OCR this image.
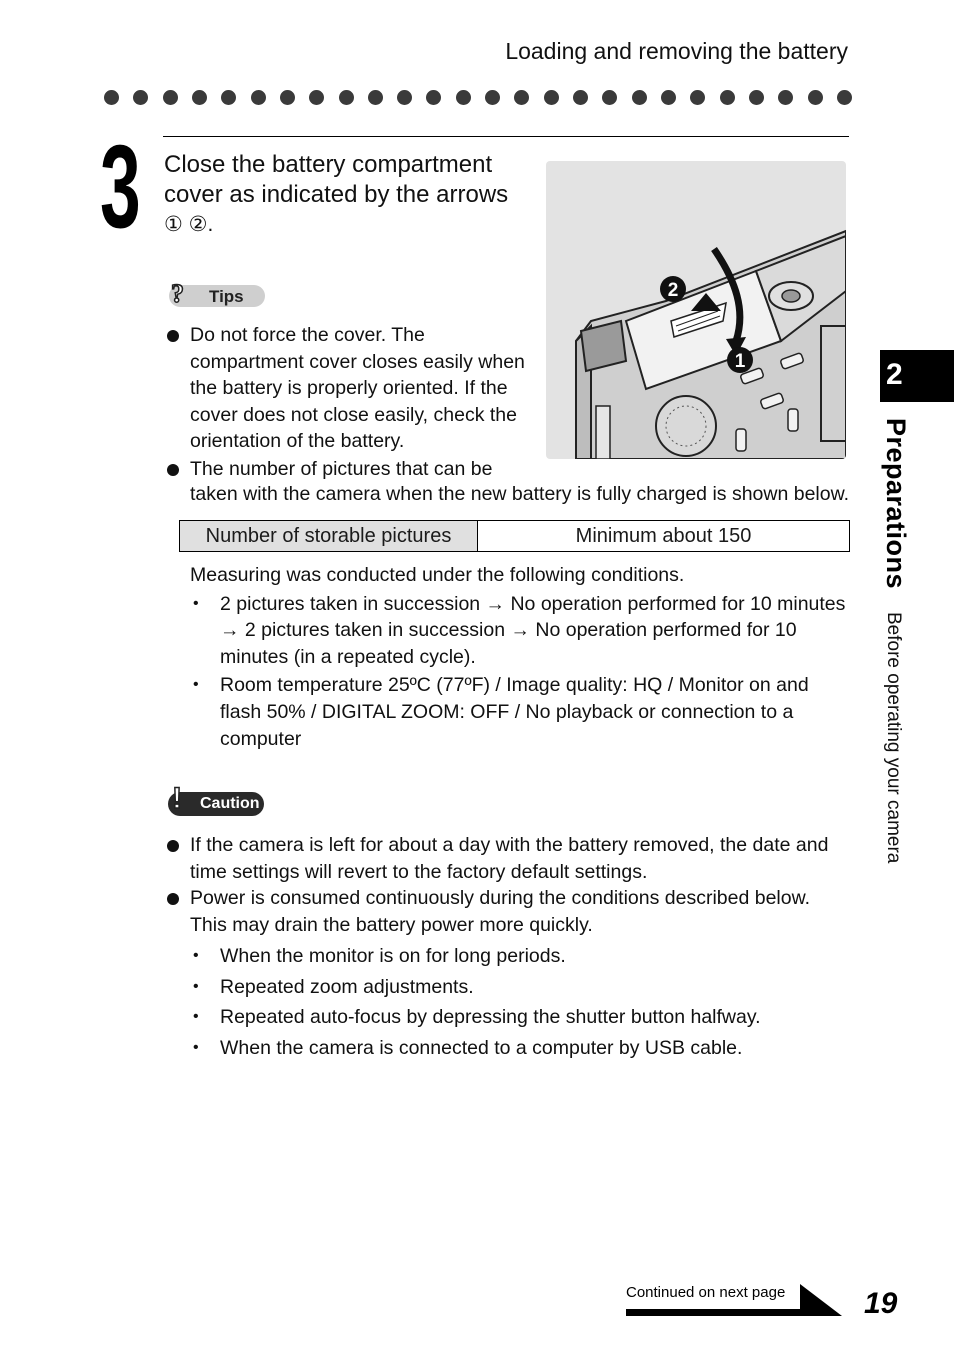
Loading and removing the battery
3 Close the battery compartment cover as indicated by the arrows
① ②.
2
1
? Tips
Do not force the cover. The compartment cover closes easily when the battery is properly oriented. If the cover does not close easily, check the orientation of the battery.
The number of pictures that can be
taken with the camera when the new battery is fully charged is shown below.
Number of storable pictures	Minimum about 150
Measuring was conducted under the following conditions.
• 2 pictures taken in succession → No operation performed for 10 minutes → 2 pictures taken in succession → No operation performed for 10 minutes (in a repeated cycle).
• Room temperature 25ºC (77ºF) / Image quality: HQ / Monitor on and flash 50% / DIGITAL ZOOM: OFF / No playback or connection to a computer
! Caution
If the camera is left for about a day with the battery removed, the date and time settings will revert to the factory default settings.
Power is consumed continuously during the conditions described below. This may drain the battery power more quickly.
• When the monitor is on for long periods.
• Repeated zoom adjustments.
• Repeated auto-focus by depressing the shutter button halfway.
• When the camera is connected to a computer by USB cable.
2
Preparations
Before operating your camera
Continued on next page	19
